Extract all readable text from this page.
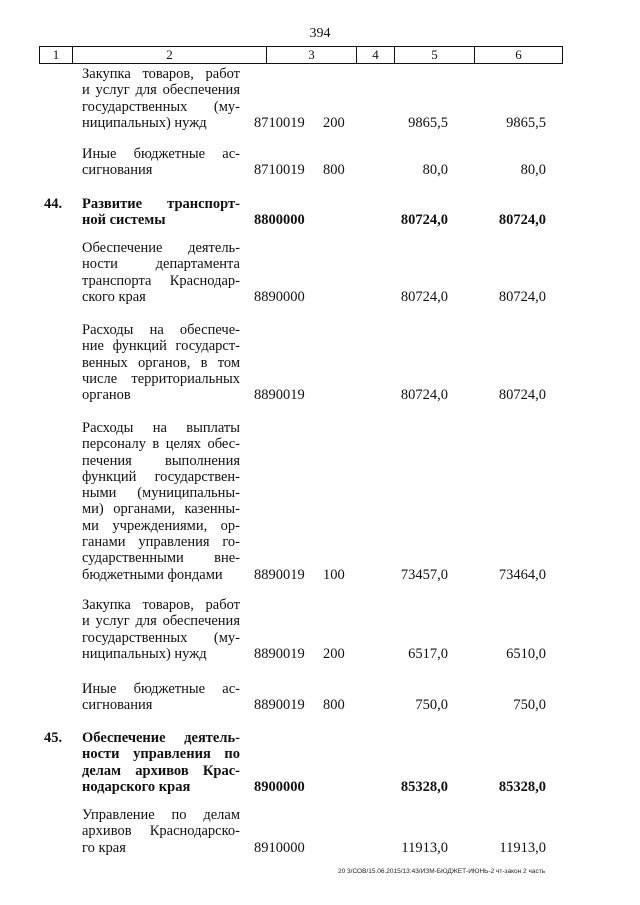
394
1	2	3	4	5	6
Закупка товаров, работ
и услуг для обеспечения
государственных (му-
ниципальных) нужд	8710019	200	9865,5	9865,5
Иные бюджетные ас-
сигнования	8710019	800	80,0	80,0
44.	Развитие транспорт-
ной системы	8800000	80724,0	80724,0
Обеспечение деятель-
ности департамента
транспорта Краснодар-
ского края	8890000	80724,0	80724,0
Расходы на обеспече-
ние функций государст-
венных органов, в том
числе территориальных
органов	8890019	80724,0	80724,0
Расходы на выплаты
персоналу в целях обес-
печения выполнения
функций государствен-
ными (муниципальны-
ми) органами, казенны-
ми учреждениями, ор-
ганами управления го-
сударственными вне-
бюджетными фондами	8890019	100	73457,0	73464,0
Закупка товаров, работ
и услуг для обеспечения
государственных (му-
ниципальных) нужд	8890019	200	6517,0	6510,0
Иные бюджетные ас-
сигнования	8890019	800	750,0	750,0
45.	Обеспечение деятель-
ности управления по
делам архивов Крас-
нодарского края	8900000	85328,0	85328,0
Управление по делам
архивов Краснодарско-
го края	8910000	11913,0	11913,0
20 3/СОВ/15.06.2015/13:43/ИЗМ-БЮДЖЕТ-ИЮНЬ-2 чт-закон 2 часть
